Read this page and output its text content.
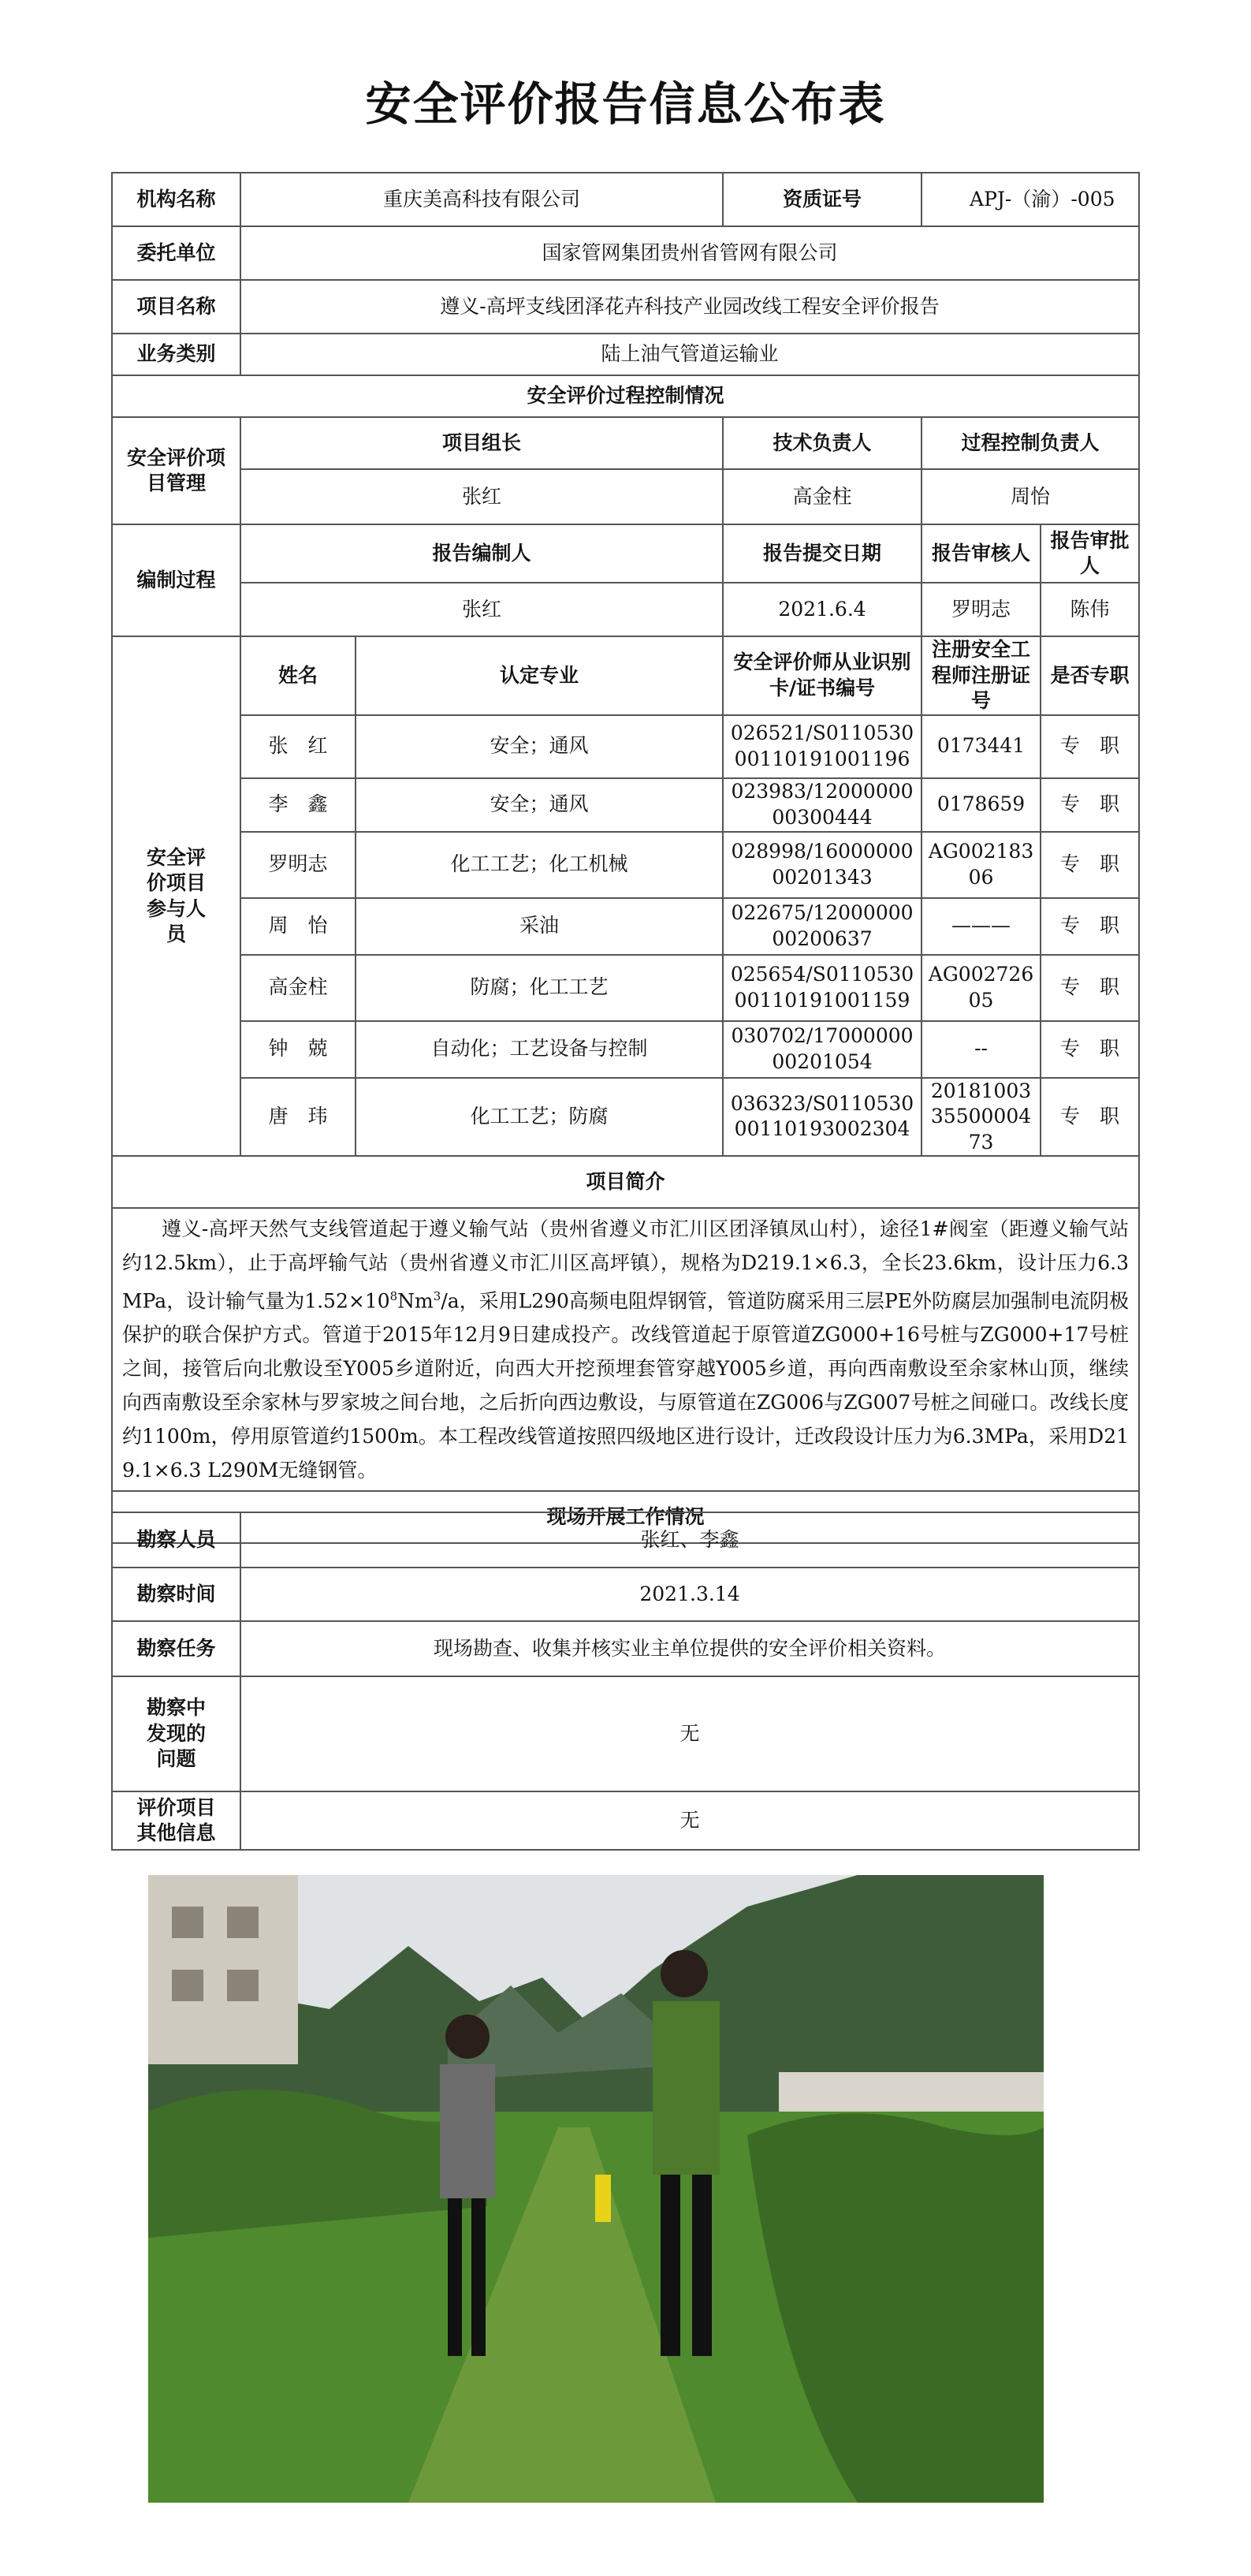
安全评价报告信息公布表
机构名称	重庆美高科技有限公司		资质证号	APJ-（渝）-005	
委托单位	国家管网集团贵州省管网有限公司				
项目名称	遵义-高坪支线团泽花卉科技产业园改线工程安全评价报告				
业务类别	陆上油气管道运输业				
安全评价过程控制情况					
安全评价项目管理	项目组长		技术负责人	过程控制负责人	
	张红		高金柱	周怡	
编制过程	报告编制人		报告提交日期	报告审核人	报告审批人
	张红		2021.6.4	罗明志	陈伟
安全评价项目参与人员	姓名	认定专业	安全评价师从业识别卡/证书编号	注册安全工程师注册证号	是否专职
	张　红	安全；通风	026521/S011053000110191001196	0173441	专　职
	李　鑫	安全；通风	023983/1200000000300444	0178659	专　职
	罗明志	化工工艺；化工机械	028998/1600000000201343	AG00218306	专　职
	周　怡	采油	022675/1200000000200637	———	专　职
	高金柱	防腐；化工工艺	025654/S011053000110191001159	AG00272605	专　职
	钟　兢	自动化；工艺设备与控制	030702/1700000000201054	--	专　职
	唐　玮	化工工艺；防腐	036323/S011053000110193002304	201810033550000473	专　职
项目简介					
遵义-高坪天然气支线管道起于遵义输气站（贵州省遵义市汇川区团泽镇凤山村），途径1#阀室（距遵义输气站约12.5km），止于高坪输气站（贵州省遵义市汇川区高坪镇），规格为D219.1×6.3，全长23.6km，设计压力6.3MPa，设计输气量为$1.52\times 10^8Nm^3/a$，采用L290高频电阻焊钢管，管道防腐采用三层PE外防腐层加强制电流阴极保护的联合保护方式。管道于2015年12月9日建成投产。改线管道起于原管道ZG000+16号桩与ZG000+17号桩之间，接管后向北敷设至Y005乡道附近，向西大开挖预埋套管穿越Y005乡道，再向西南敷设至余家林山顶，继续向西南敷设至余家林与罗家坡之间台地，之后折向西边敷设，与原管道在ZG006与ZG007号桩之间碰口。改线长度约1100m，停用原管道约1500m。本工程改线管道按照四级地区进行设计，迁改段设计压力为6.3MPa，采用D219.1×6.3 L290M无缝钢管。					
现场开展工作情况					
勘察人员	张红、李鑫
勘察时间	2021.3.14
勘察任务	现场勘查、收集并核实业主单位提供的安全评价相关资料。
勘察中发现的问题	无
评价项目其他信息	无
